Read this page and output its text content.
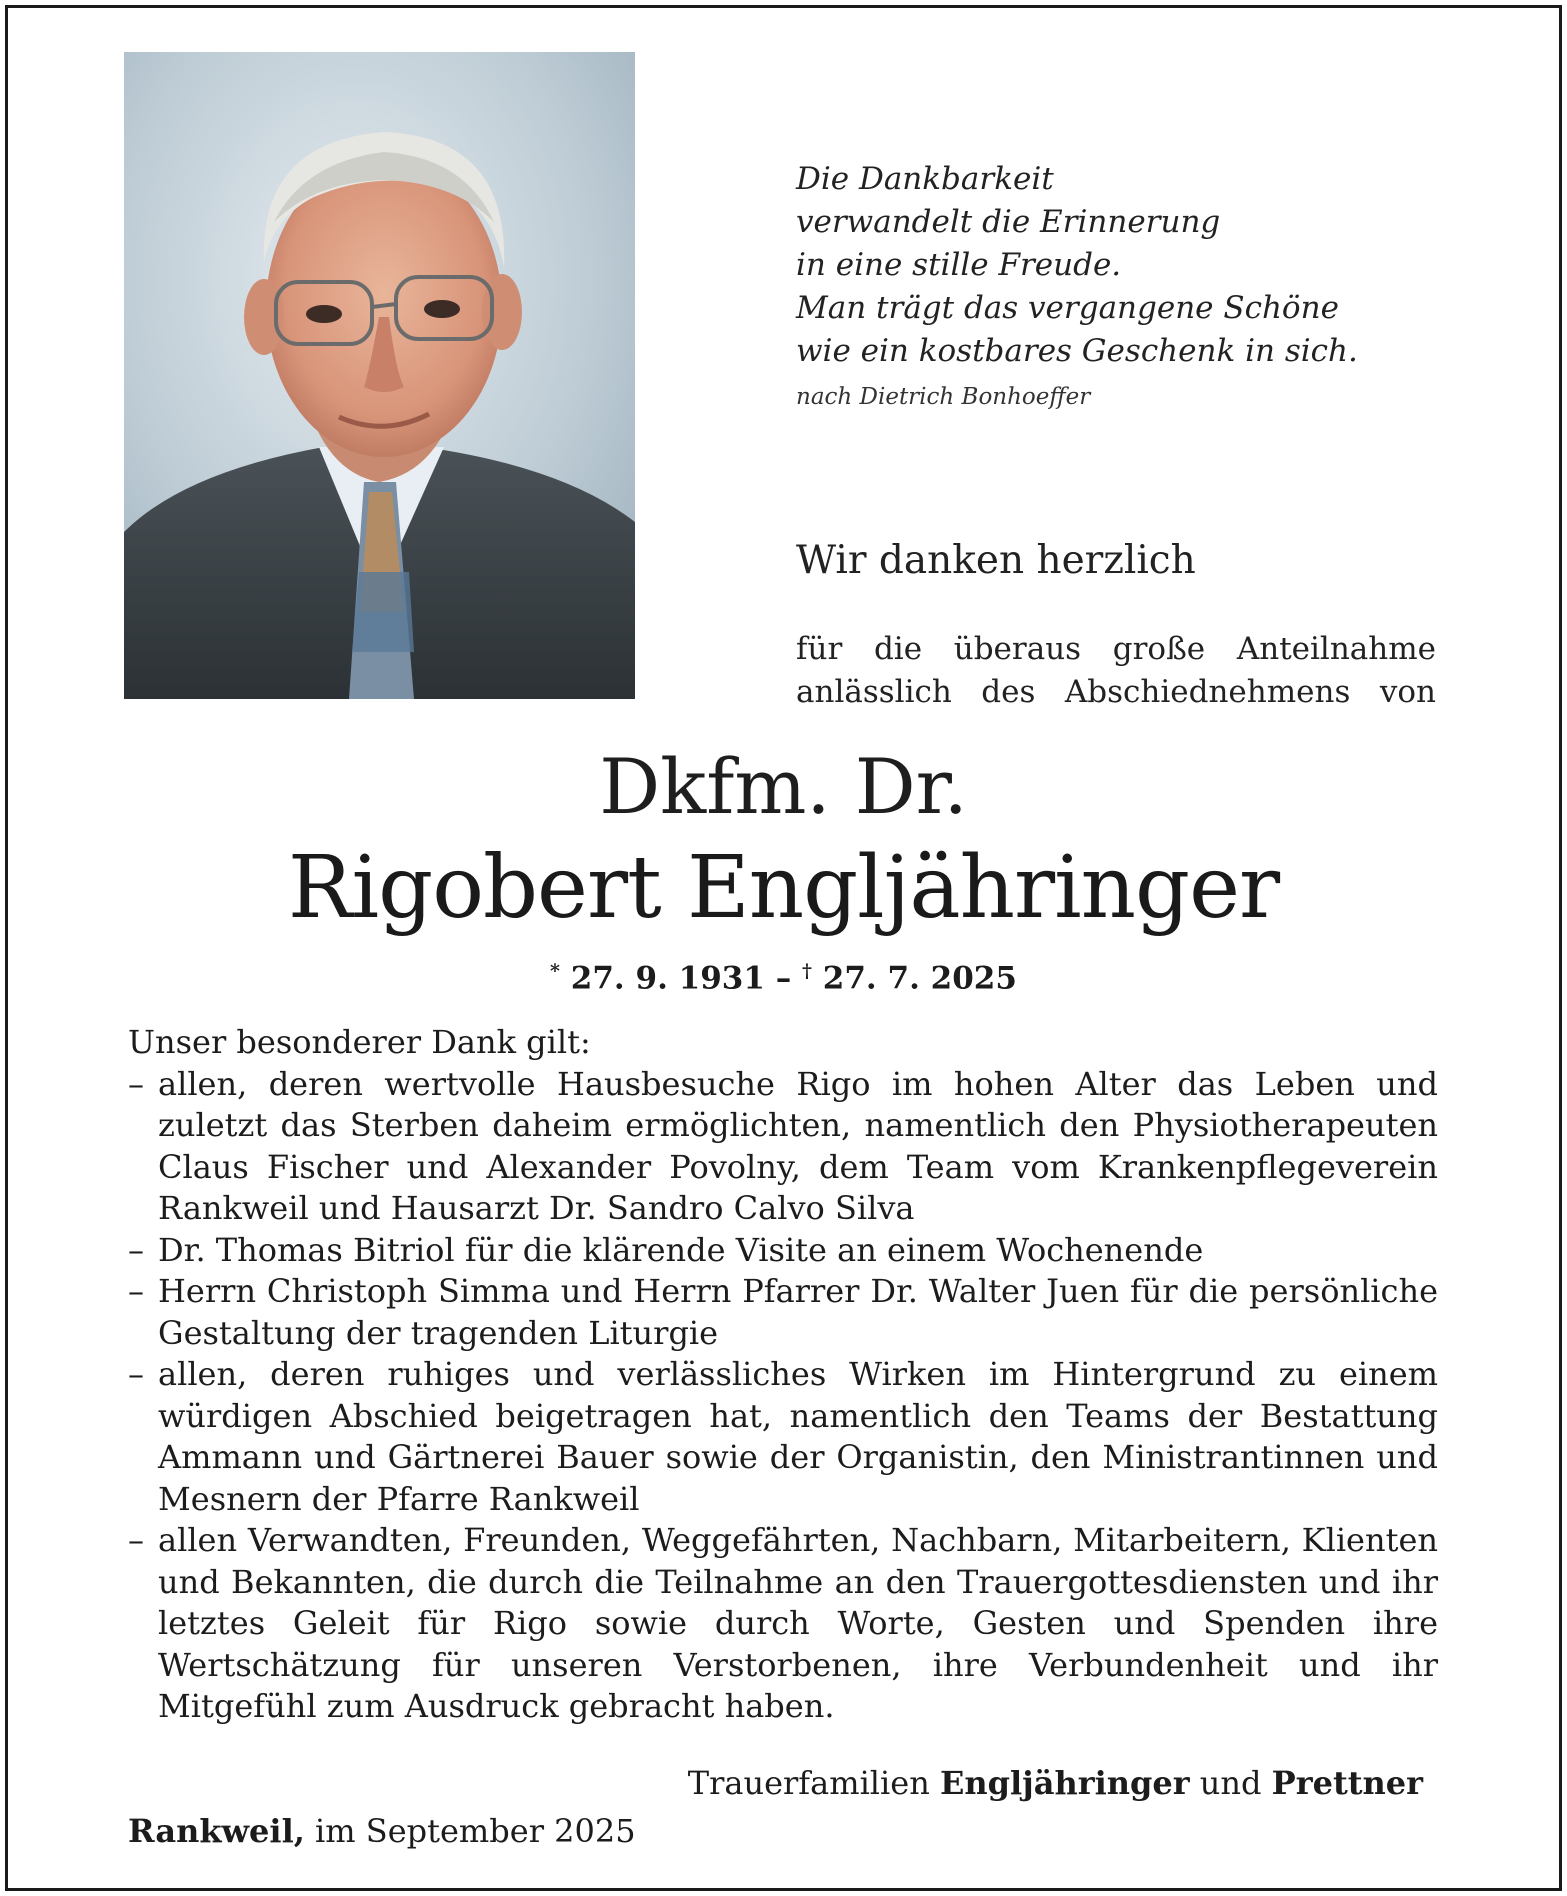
Die Dankbarkeit
verwandelt die Erinnerung
in eine stille Freude.
Man trägt das vergangene Schöne
wie ein kostbares Geschenk in sich.
nach Dietrich Bonhoeffer
Wir danken herzlich
für die überaus große Anteilnahme
anlässlich des Abschiednehmens von
Dkfm. Dr.
Rigobert Engljähringer
* 27. 9. 1931 – † 27. 7. 2025
Unser besonderer Dank gilt:
– allen, deren wertvolle Hausbesuche Rigo im hohen Alter das Leben und zuletzt das Sterben daheim ermöglichten, namentlich den Physiotherapeuten Claus Fischer und Alexander Povolny, dem Team vom Krankenpflegeverein Rankweil und Hausarzt Dr. Sandro Calvo Silva
– Dr. Thomas Bitriol für die klärende Visite an einem Wochenende
– Herrn Christoph Simma und Herrn Pfarrer Dr. Walter Juen für die persönliche Gestaltung der tragenden Liturgie
– allen, deren ruhiges und verlässliches Wirken im Hintergrund zu einem würdigen Abschied beigetragen hat, namentlich den Teams der Bestattung Ammann und Gärtnerei Bauer sowie der Organistin, den Ministrantinnen und Mesnern der Pfarre Rankweil
– allen Verwandten, Freunden, Weggefährten, Nachbarn, Mitarbeitern, Klienten und Bekannten, die durch die Teilnahme an den Trauergottesdiensten und ihr letztes Geleit für Rigo sowie durch Worte, Gesten und Spenden ihre Wertschätzung für unseren Verstorbenen, ihre Verbundenheit und ihr Mitgefühl zum Ausdruck gebracht haben.
Trauerfamilien Engljähringer und Prettner
Rankweil, im September 2025
